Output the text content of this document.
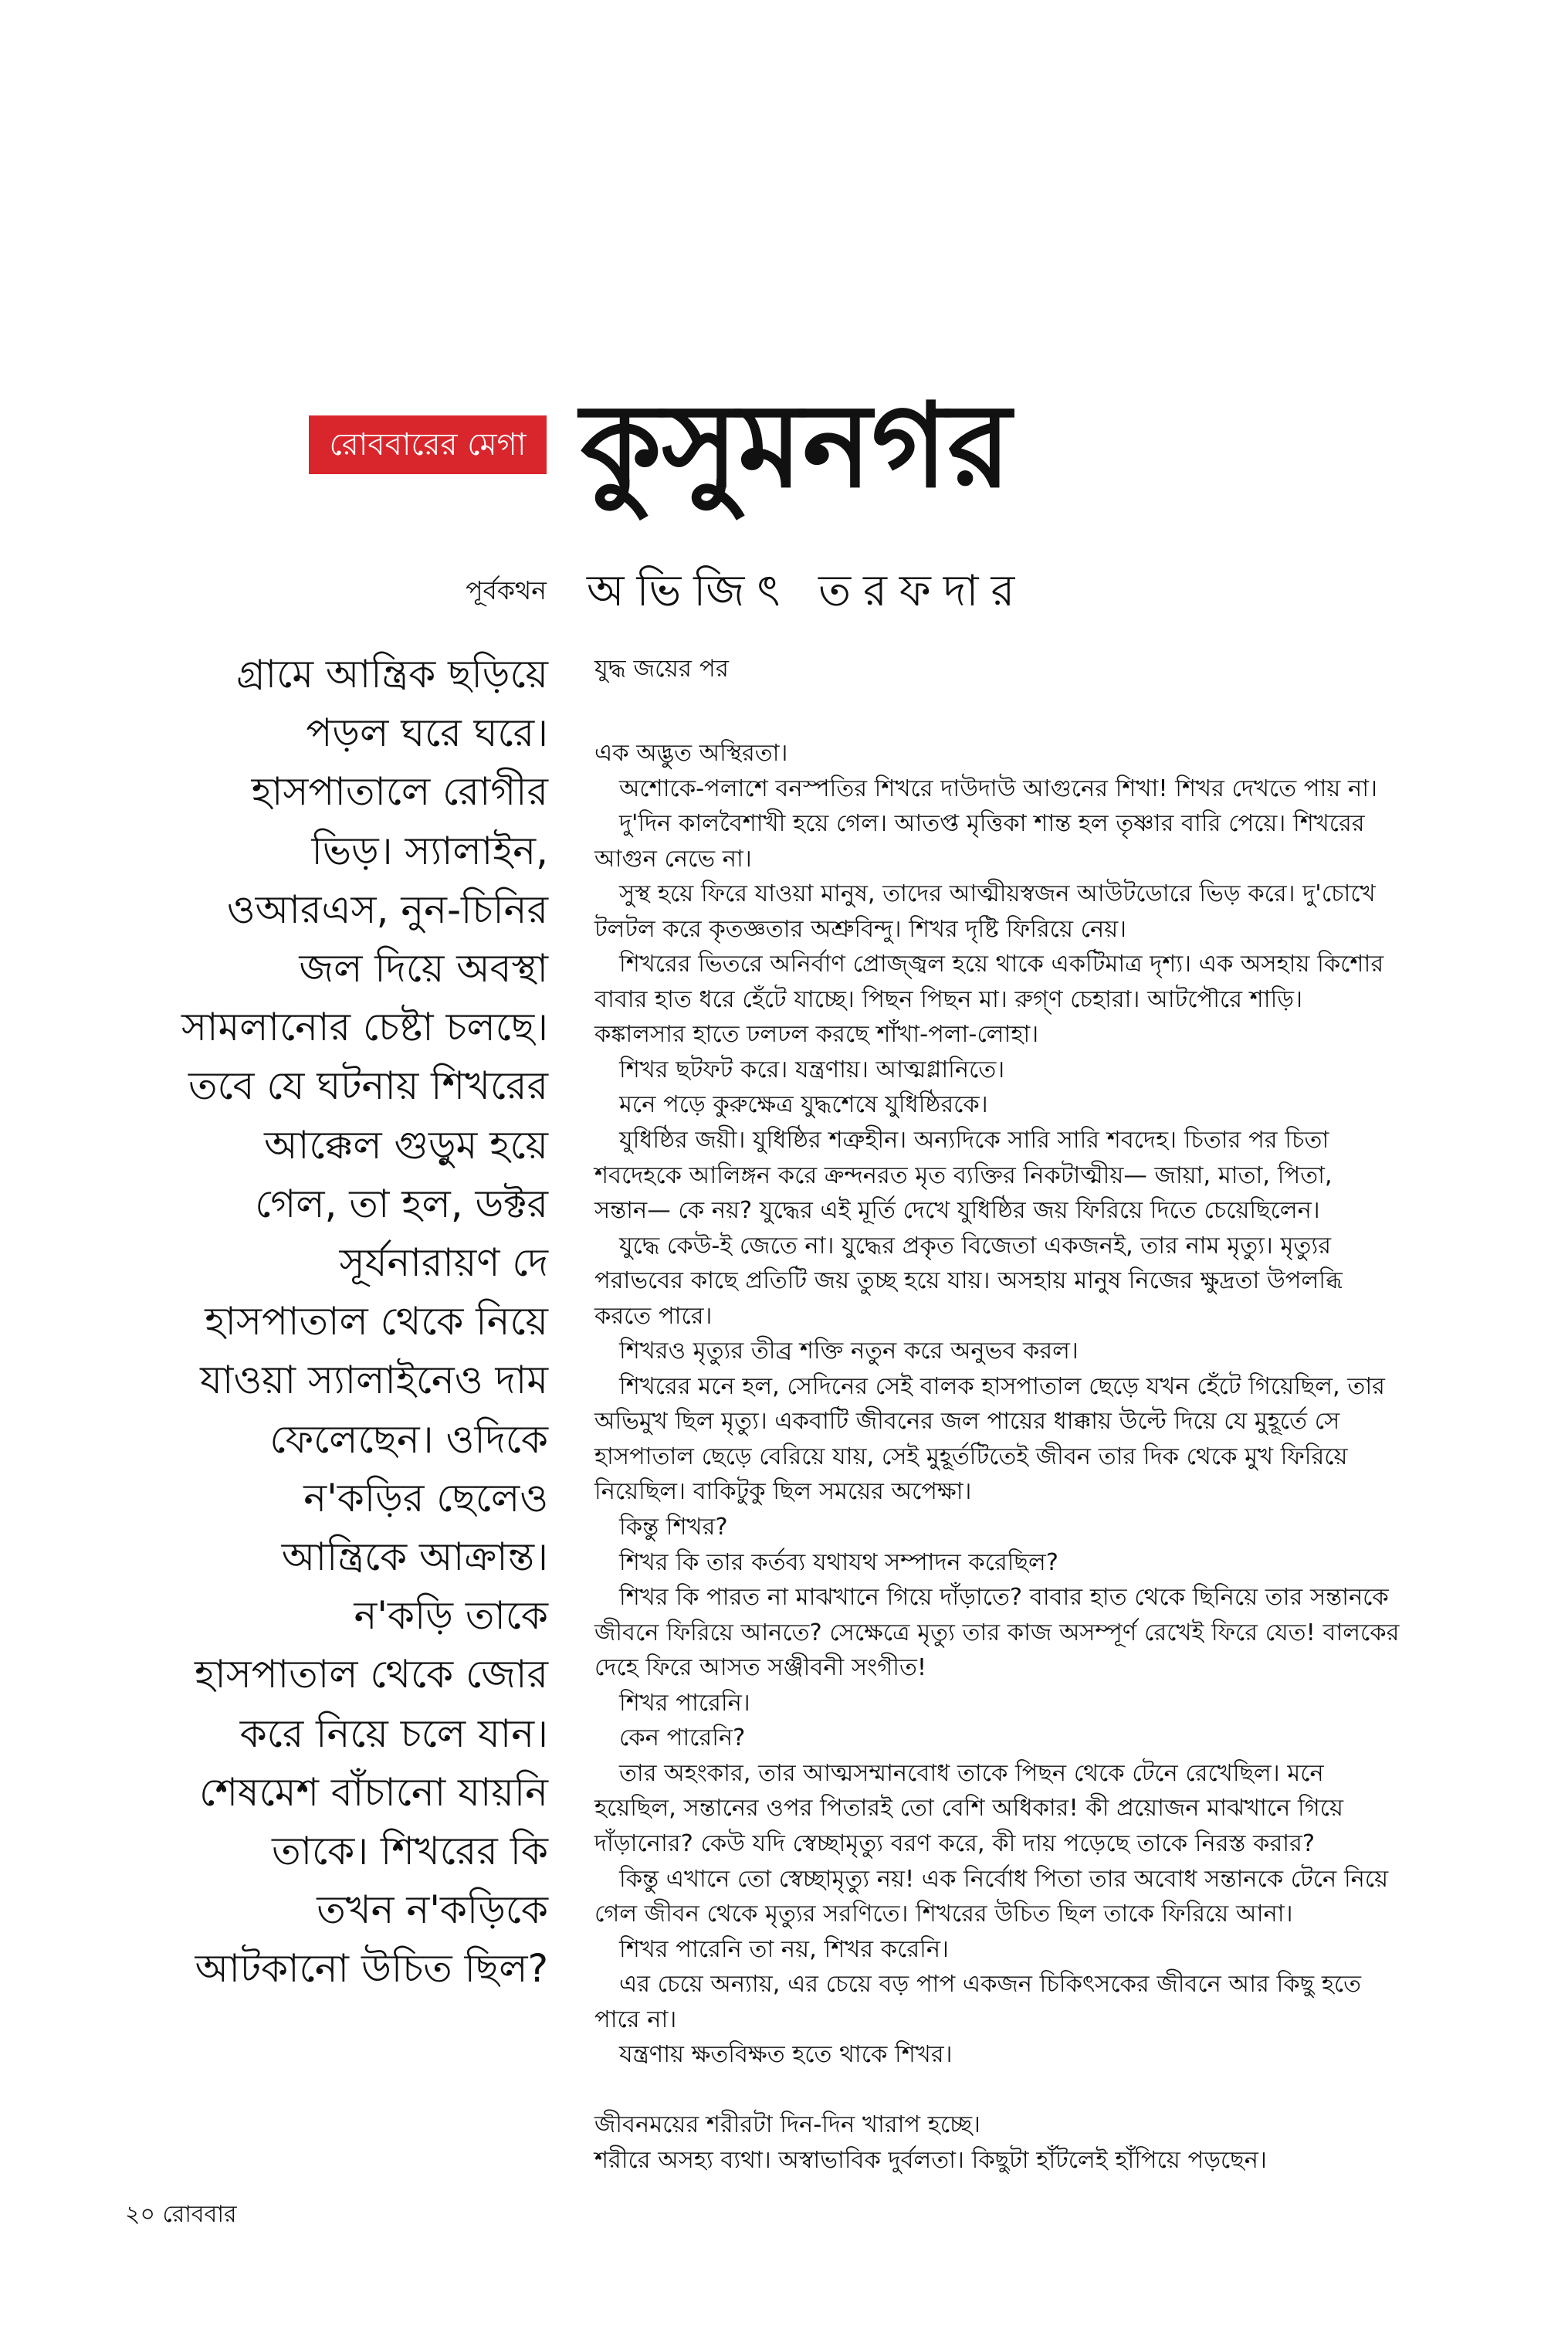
রোববারের মেগা কুসুমনগর
পূর্বকথন অভিজিৎ তরফদার

গ্রামে আন্ত্রিক ছড়িয়ে
পড়ল ঘরে ঘরে।
হাসপাতালে রোগীর
ভিড়। স্যালাইন,
ওআরএস, নুন-চিনির
জল দিয়ে অবস্থা
সামলানোর চেষ্টা চলছে।
তবে যে ঘটনায় শিখরের
আক্কেল গুড়ুম হয়ে
গেল, তা হল, ডক্টর
সূর্যনারায়ণ দে
হাসপাতাল থেকে নিয়ে
যাওয়া স্যালাইনেও দাম
ফেলেছেন। ওদিকে
ন'কড়ির ছেলেও
আন্ত্রিকে আক্রান্ত।
ন'কড়ি তাকে
হাসপাতাল থেকে জোর
করে নিয়ে চলে যান।
শেষমেশ বাঁচানো যায়নি
তাকে। শিখরের কি
তখন ন'কড়িকে
আটকানো উচিত ছিল?

যুদ্ধ জয়ের পর
এক অদ্ভুত অস্থিরতা।
অশোকে-পলাশে বনস্পতির শিখরে দাউদাউ আগুনের শিখা! শিখর দেখতে পায় না।
দু'দিন কালবৈশাখী হয়ে গেল। আতপ্ত মৃত্তিকা শান্ত হল তৃষ্ণার বারি পেয়ে। শিখরের
আগুন নেভে না।
সুস্থ হয়ে ফিরে যাওয়া মানুষ, তাদের আত্মীয়স্বজন আউটডোরে ভিড় করে। দু'চোখে
টলটল করে কৃতজ্ঞতার অশ্রুবিন্দু। শিখর দৃষ্টি ফিরিয়ে নেয়।
শিখরের ভিতরে অনির্বাণ প্রোজ্জ্বল হয়ে থাকে একটিমাত্র দৃশ্য। এক অসহায় কিশোর
বাবার হাত ধরে হেঁটে যাচ্ছে। পিছন পিছন মা। রুগ্ণ চেহারা। আটপৌরে শাড়ি।
কঙ্কালসার হাতে ঢলঢল করছে শাঁখা-পলা-লোহা।
শিখর ছটফট করে। যন্ত্রণায়। আত্মগ্লানিতে।
মনে পড়ে কুরুক্ষেত্র যুদ্ধশেষে যুধিষ্ঠিরকে।
যুধিষ্ঠির জয়ী। যুধিষ্ঠির শত্রুহীন। অন্যদিকে সারি সারি শবদেহ। চিতার পর চিতা
শবদেহকে আলিঙ্গন করে ক্রন্দনরত মৃত ব্যক্তির নিকটাত্মীয়— জায়া, মাতা, পিতা,
সন্তান— কে নয়? যুদ্ধের এই মূর্তি দেখে যুধিষ্ঠির জয় ফিরিয়ে দিতে চেয়েছিলেন।
যুদ্ধে কেউ-ই জেতে না। যুদ্ধের প্রকৃত বিজেতা একজনই, তার নাম মৃত্যু। মৃত্যুর
পরাভবের কাছে প্রতিটি জয় তুচ্ছ হয়ে যায়। অসহায় মানুষ নিজের ক্ষুদ্রতা উপলব্ধি
করতে পারে।
শিখরও মৃত্যুর তীব্র শক্তি নতুন করে অনুভব করল।
শিখরের মনে হল, সেদিনের সেই বালক হাসপাতাল ছেড়ে যখন হেঁটে গিয়েছিল, তার
অভিমুখ ছিল মৃত্যু। একবাটি জীবনের জল পায়ের ধাক্কায় উল্টে দিয়ে যে মুহূর্তে সে
হাসপাতাল ছেড়ে বেরিয়ে যায়, সেই মুহূর্তটিতেই জীবন তার দিক থেকে মুখ ফিরিয়ে
নিয়েছিল। বাকিটুকু ছিল সময়ের অপেক্ষা।
কিন্তু শিখর?
শিখর কি তার কর্তব্য যথাযথ সম্পাদন করেছিল?
শিখর কি পারত না মাঝখানে গিয়ে দাঁড়াতে? বাবার হাত থেকে ছিনিয়ে তার সন্তানকে
জীবনে ফিরিয়ে আনতে? সেক্ষেত্রে মৃত্যু তার কাজ অসম্পূর্ণ রেখেই ফিরে যেত! বালকের
দেহে ফিরে আসত সঞ্জীবনী সংগীত!
শিখর পারেনি।
কেন পারেনি?
তার অহংকার, তার আত্মসম্মানবোধ তাকে পিছন থেকে টেনে রেখেছিল। মনে
হয়েছিল, সন্তানের ওপর পিতারই তো বেশি অধিকার! কী প্রয়োজন মাঝখানে গিয়ে
দাঁড়ানোর? কেউ যদি স্বেচ্ছামৃত্যু বরণ করে, কী দায় পড়েছে তাকে নিরস্ত করার?
কিন্তু এখানে তো স্বেচ্ছামৃত্যু নয়! এক নির্বোধ পিতা তার অবোধ সন্তানকে টেনে নিয়ে
গেল জীবন থেকে মৃত্যুর সরণিতে। শিখরের উচিত ছিল তাকে ফিরিয়ে আনা।
শিখর পারেনি তা নয়, শিখর করেনি।
এর চেয়ে অন্যায়, এর চেয়ে বড় পাপ একজন চিকিৎসকের জীবনে আর কিছু হতে
পারে না।
যন্ত্রণায় ক্ষতবিক্ষত হতে থাকে শিখর।
জীবনময়ের শরীরটা দিন-দিন খারাপ হচ্ছে।
শরীরে অসহ্য ব্যথা। অস্বাভাবিক দুর্বলতা। কিছুটা হাঁটলেই হাঁপিয়ে পড়ছেন।
২০ রোববার
